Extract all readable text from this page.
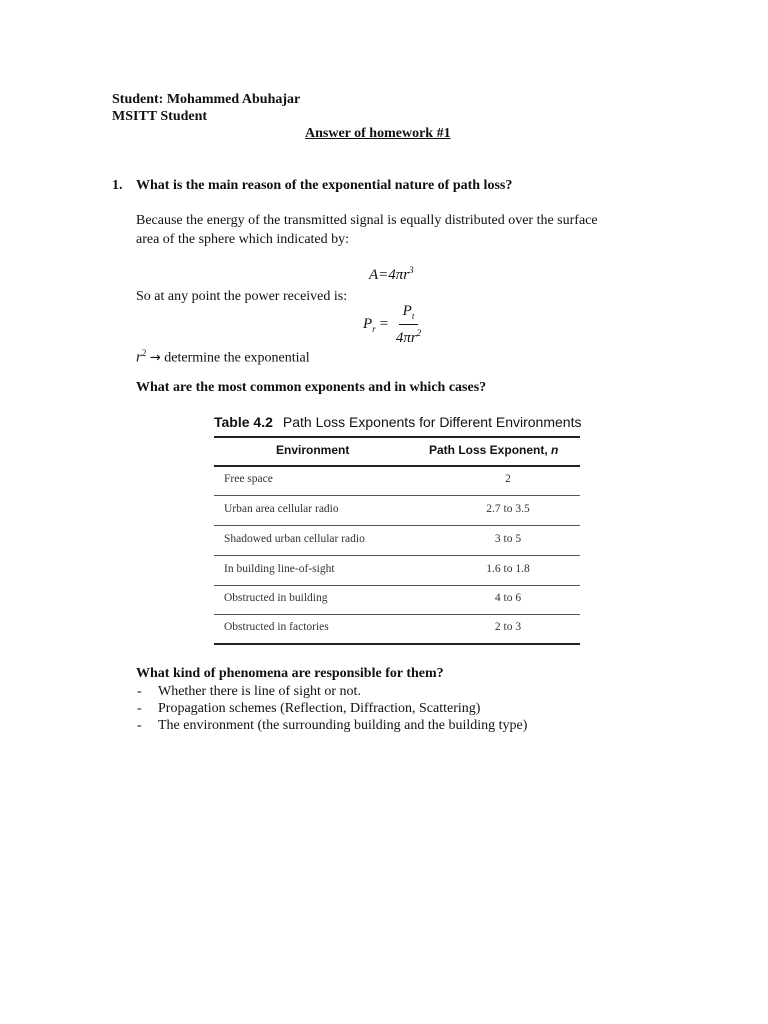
Student: Mohammed Abuhajar
MSITT Student
Answer of homework #1
1. What is the main reason of the exponential nature of path loss?
Because the energy of the transmitted signal is equally distributed over the surface
area of the sphere which indicated by:
$A=4\pi r^3$
So at any point the power received is:
$P_r = \frac{P_t}{4\pi r^2}$
$r^2$ → determine the exponential
What are the most common exponents and in which cases?
Table 4.2 Path Loss Exponents for Different Environments
Environment	Path Loss Exponent, n
Free space	2
Urban area cellular radio	2.7 to 3.5
Shadowed urban cellular radio	3 to 5
In building line-of-sight	1.6 to 1.8
Obstructed in building	4 to 6
Obstructed in factories	2 to 3
What kind of phenomena are responsible for them?
- Whether there is line of sight or not.
- Propagation schemes (Reflection, Diffraction, Scattering)
- The environment (the surrounding building and the building type)
